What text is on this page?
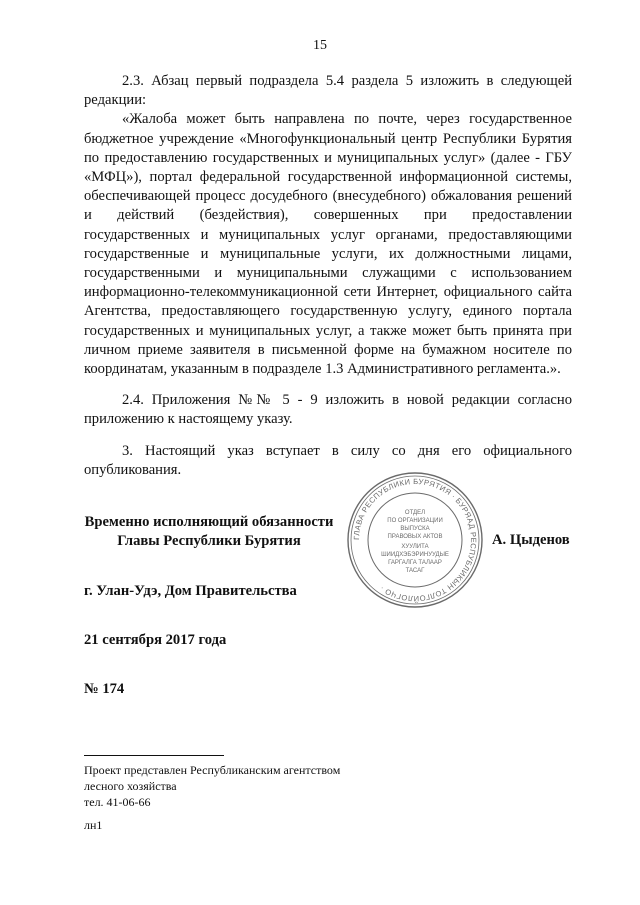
15

2.3. Абзац первый подраздела 5.4 раздела 5 изложить в следующей редакции:

«Жалоба может быть направлена по почте, через государственное бюджетное учреждение «Многофункциональный центр Республики Бурятия по предоставлению государственных и муниципальных услуг» (далее - ГБУ «МФЦ»), портал федеральной государственной информационной системы, обеспечивающей процесс досудебного (внесудебного) обжалования решений и действий (бездействия), совершенных при предоставлении государственных и муниципальных услуг органами, предоставляющими государственные и муниципальные услуги, их должностными лицами, государственными и муниципальными служащими с использованием информационно-телекоммуникационной сети Интернет, официального сайта Агентства, предоставляющего государственную услугу, единого портала государственных и муниципальных услуг, а также может быть принята при личном приеме заявителя в письменной форме на бумажном носителе по координатам, указанным в подразделе 1.3 Административного регламента.».

2.4. Приложения №№ 5 - 9 изложить в новой редакции согласно приложению к настоящему указу.

3. Настоящий указ вступает в силу со дня его официального опубликования.

Временно исполняющий обязанности
Главы Республики Бурятия	ГЛАВА РЕСПУБЛИКИ БУРЯТИЯ · БУРЯАД РЕСПУБЛИКЫН ТОЛГОЙЛОГЧО ·
ОТДЕЛ
ПО ОРГАНИЗАЦИИ
ВЫПУСКА
ПРАВОВЫХ АКТОВ
ХУУЛИТА
ШИИДХЭБЭРИНУУДЫЕ
ГАРГАЛГА ТАЛААР
ТАСАГ
А. Цыденов
г. Улан-Удэ, Дом Правительства
21 сентября 2017 года
№ 174
Проект представлен Республиканским агентством
лесного хозяйства
тел. 41-06-66
лн1
